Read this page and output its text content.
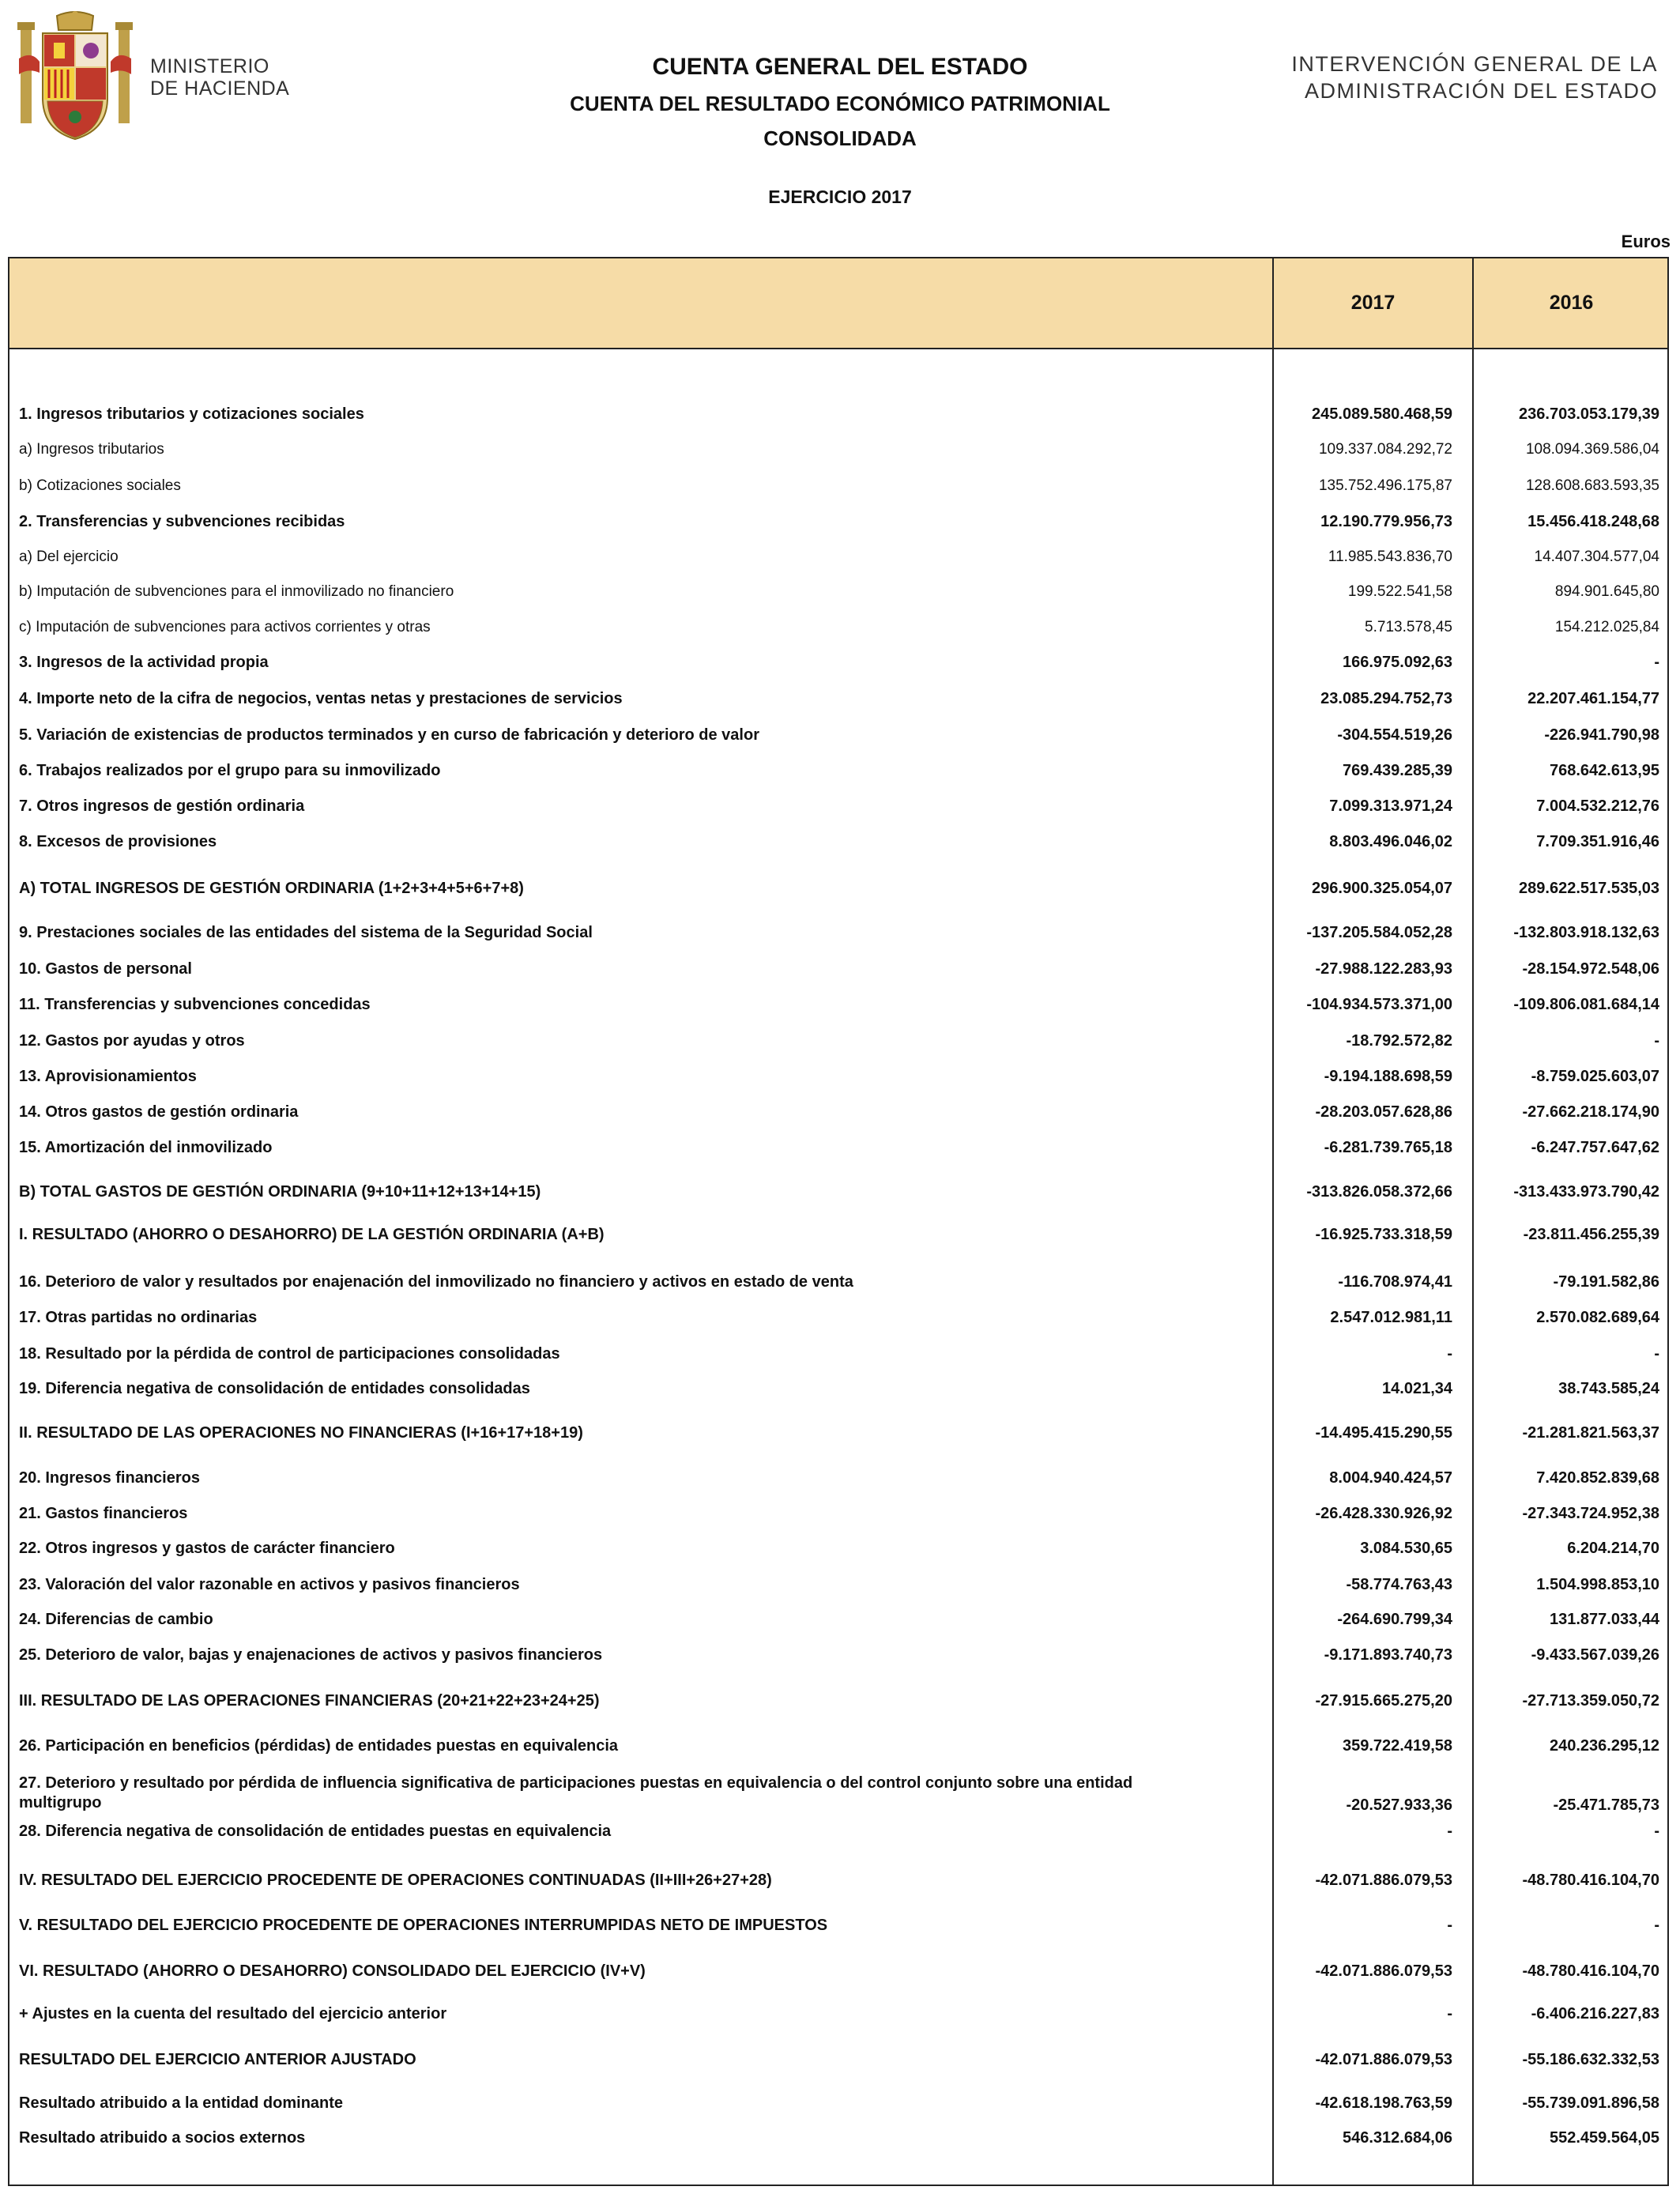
MINISTERIO
DE HACIENDA
CUENTA GENERAL DEL ESTADO
CUENTA DEL RESULTADO ECONÓMICO PATRIMONIAL
CONSOLIDADA
EJERCICIO 2017
INTERVENCIÓN GENERAL DE LA
ADMINISTRACIÓN DEL ESTADO
Euros
2017	2016
1. Ingresos tributarios y cotizaciones sociales	245.089.580.468,59	236.703.053.179,39
a) Ingresos tributarios	109.337.084.292,72	108.094.369.586,04
b) Cotizaciones sociales	135.752.496.175,87	128.608.683.593,35
2. Transferencias y subvenciones recibidas	12.190.779.956,73	15.456.418.248,68
a) Del ejercicio	11.985.543.836,70	14.407.304.577,04
b) Imputación de subvenciones para el inmovilizado no financiero	199.522.541,58	894.901.645,80
c) Imputación de subvenciones para activos corrientes y otras	5.713.578,45	154.212.025,84
3. Ingresos de la actividad propia	166.975.092,63	-
4. Importe neto de la cifra de negocios, ventas netas y prestaciones de servicios	23.085.294.752,73	22.207.461.154,77
5. Variación de existencias de productos terminados y en curso de fabricación y deterioro de valor	-304.554.519,26	-226.941.790,98
6. Trabajos realizados por el grupo para su inmovilizado	769.439.285,39	768.642.613,95
7. Otros ingresos de gestión ordinaria	7.099.313.971,24	7.004.532.212,76
8. Excesos de provisiones	8.803.496.046,02	7.709.351.916,46
A) TOTAL INGRESOS DE GESTIÓN ORDINARIA (1+2+3+4+5+6+7+8)	296.900.325.054,07	289.622.517.535,03
9. Prestaciones sociales de las entidades del sistema de la Seguridad Social	-137.205.584.052,28	-132.803.918.132,63
10. Gastos de personal	-27.988.122.283,93	-28.154.972.548,06
11. Transferencias y subvenciones concedidas	-104.934.573.371,00	-109.806.081.684,14
12. Gastos por ayudas y otros	-18.792.572,82	-
13. Aprovisionamientos	-9.194.188.698,59	-8.759.025.603,07
14. Otros gastos de gestión ordinaria	-28.203.057.628,86	-27.662.218.174,90
15. Amortización del inmovilizado	-6.281.739.765,18	-6.247.757.647,62
B) TOTAL GASTOS DE GESTIÓN ORDINARIA (9+10+11+12+13+14+15)	-313.826.058.372,66	-313.433.973.790,42
I. RESULTADO (AHORRO O DESAHORRO) DE LA GESTIÓN ORDINARIA (A+B)	-16.925.733.318,59	-23.811.456.255,39
16. Deterioro de valor y resultados por enajenación del inmovilizado no financiero y activos en estado de venta	-116.708.974,41	-79.191.582,86
17. Otras partidas no ordinarias	2.547.012.981,11	2.570.082.689,64
18. Resultado por la pérdida de control de participaciones consolidadas	-	-
19. Diferencia negativa de consolidación de entidades consolidadas	14.021,34	38.743.585,24
II. RESULTADO DE LAS OPERACIONES NO FINANCIERAS (I+16+17+18+19)	-14.495.415.290,55	-21.281.821.563,37
20. Ingresos financieros	8.004.940.424,57	7.420.852.839,68
21. Gastos financieros	-26.428.330.926,92	-27.343.724.952,38
22. Otros ingresos y gastos de carácter financiero	3.084.530,65	6.204.214,70
23. Valoración del valor razonable en activos y pasivos financieros	-58.774.763,43	1.504.998.853,10
24. Diferencias de cambio	-264.690.799,34	131.877.033,44
25. Deterioro de valor, bajas y enajenaciones de activos y pasivos financieros	-9.171.893.740,73	-9.433.567.039,26
III. RESULTADO DE LAS OPERACIONES FINANCIERAS (20+21+22+23+24+25)	-27.915.665.275,20	-27.713.359.050,72
26. Participación en beneficios (pérdidas) de entidades puestas en equivalencia	359.722.419,58	240.236.295,12
27. Deterioro y resultado por pérdida de influencia significativa de participaciones puestas en equivalencia o del control conjunto sobre una entidad multigrupo	-20.527.933,36	-25.471.785,73
28. Diferencia negativa de consolidación de entidades puestas en equivalencia	-	-
IV. RESULTADO DEL EJERCICIO PROCEDENTE DE OPERACIONES CONTINUADAS (II+III+26+27+28)	-42.071.886.079,53	-48.780.416.104,70
V. RESULTADO DEL EJERCICIO PROCEDENTE DE OPERACIONES INTERRUMPIDAS NETO DE IMPUESTOS	-	-
VI. RESULTADO (AHORRO O DESAHORRO) CONSOLIDADO DEL EJERCICIO (IV+V)	-42.071.886.079,53	-48.780.416.104,70
+ Ajustes en la cuenta del resultado del ejercicio anterior	-	-6.406.216.227,83
RESULTADO DEL EJERCICIO ANTERIOR AJUSTADO	-42.071.886.079,53	-55.186.632.332,53
Resultado atribuido a la entidad dominante	-42.618.198.763,59	-55.739.091.896,58
Resultado atribuido a socios externos	546.312.684,06	552.459.564,05
